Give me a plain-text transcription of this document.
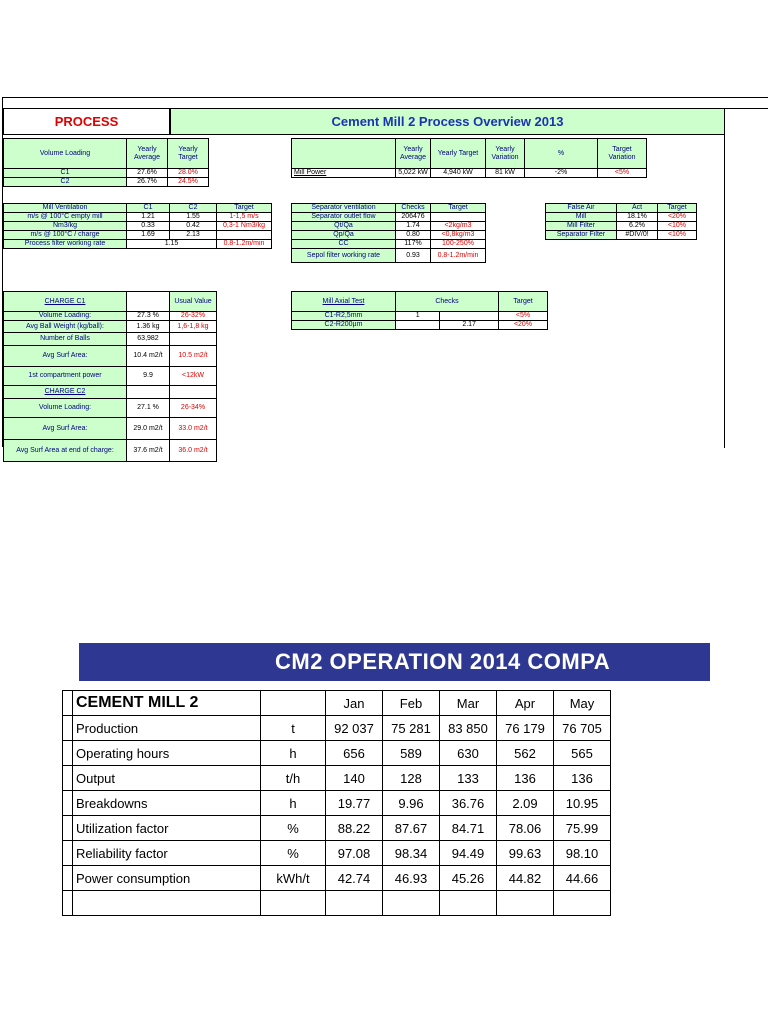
PROCESS	Cement Mill 2 Process Overview 2013
Volume Loading	Yearly Average	Yearly Target
C1	27.6%	28.0%
C2	26.7%	24.5%
	Yearly Average	Yearly Target	Yearly Variation	%	Target Variation
Mill Power	5,022 kW	4,940 kW	81 kW	-2%	<5%
Mill Ventilation	C1	C2	Target
m/s @ 100°C empty mill	1.21	1.55	1-1,5 m/s
Nm3/kg	0.33	0.42	0,3-1 Nm3/kg
m/s @ 100°C / charge	1.69	2.13	
Process filter working rate	1.15		0.8-1.2m/min
Separator ventilation	Checks	Target
Separator outlet flow	206476	
Qt/Qa	1.74	<2kg/m3
Qp/Qa	0.80	<0,8kg/m3
CC	117%	100-250%
Sepol filter working rate	0.93	0.8-1.2m/min
False Air	Act	Target
Mill	18.1%	<20%
Mill Filter	6.2%	<10%
Separator Filter	#DIV/0!	<10%
CHARGE C1		Usual Value
Volume Loading:	27.3 %	26-32%
Avg Ball Weight (kg/ball):	1.36 kg	1,6-1,8 kg
Number of Balls	63,982	
Avg Surf Area:	10.4 m2/t	10.5 m2/t
1st compartment power	9.9	<12kW
CHARGE C2		
Volume Loading:	27.1 %	26-34%
Avg Surf Area:	29.0 m2/t	33.0 m2/t
Avg Surf Area at end of charge:	37.6 m2/t	36.0 m2/t
Mill Axial Test	Checks		Target
C1-R2,5mm	1		<5%
C2-R200µm		2.17	<20%
CM2 OPERATION 2014 COMPA
	CEMENT MILL 2		Jan	Feb	Mar	Apr	May
	Production	t	92 037	75 281	83 850	76 179	76 705
	Operating hours	h	656	589	630	562	565
	Output	t/h	140	128	133	136	136
	Breakdowns	h	19.77	9.96	36.76	2.09	10.95
	Utilization factor	%	88.22	87.67	84.71	78.06	75.99
	Reliability factor	%	97.08	98.34	94.49	99.63	98.10
	Power consumption	kWh/t	42.74	46.93	45.26	44.82	44.66
